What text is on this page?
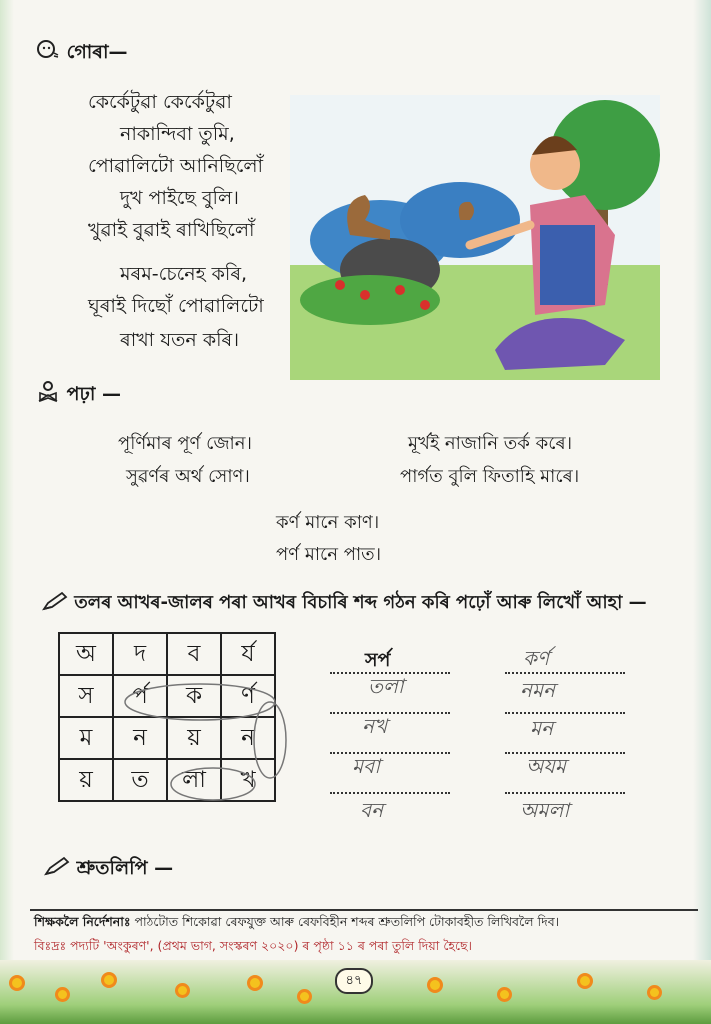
গোৰা—
কেৰ্কেটুৱা কেৰ্কেটুৱা
নাকান্দিবা তুমি,
পোৱালিটো আনিছিলোঁ
দুখ পাইছে বুলি।
খুৱাই বুৱাই ৰাখিছিলোঁ
মৰম-চেনেহ কৰি,
ঘূৰাই দিছোঁ পোৱালিটো
ৰাখা যতন কৰি।
পঢ়া —
পূৰ্ণিমাৰ পূৰ্ণ জোন।
সুৱৰ্ণৰ অৰ্থ সোণ।
মূৰ্খই নাজানি তৰ্ক কৰে।
পাৰ্গত বুলি ফিতাহি মাৰে।
কৰ্ণ মানে কাণ।
পৰ্ণ মানে পাত।
তলৰ আখৰ-জালৰ পৰা আখৰ বিচাৰি শব্দ গঠন কৰি পঢ়োঁ আৰু লিখোঁ আহা —
অ	দ	ব	ৰ্য
স	ৰ্প	ক	ৰ্ণ
ম	ন	য়	ন
য়	ত	লা	খ
সৰ্প
তলা
নখ
মবা
বন
কৰ্ণ
নমন
মন
অযম
অমলা
শ্ৰুতলিপি —
শিক্ষকলৈ নিৰ্দেশনাঃ পাঠটোত শিকোৱা ৰেফযুক্ত আৰু ৰেফবিহীন শব্দৰ শ্ৰুতলিপি টোকাবহীত লিখিবলৈ দিব।
বিঃদ্ৰঃ পদ্যটি 'অংকুৰণ', (প্ৰথম ভাগ, সংস্কৰণ ২০২০) ৰ পৃষ্ঠা ১১ ৰ পৰা তুলি দিয়া হৈছে।
৪৭
